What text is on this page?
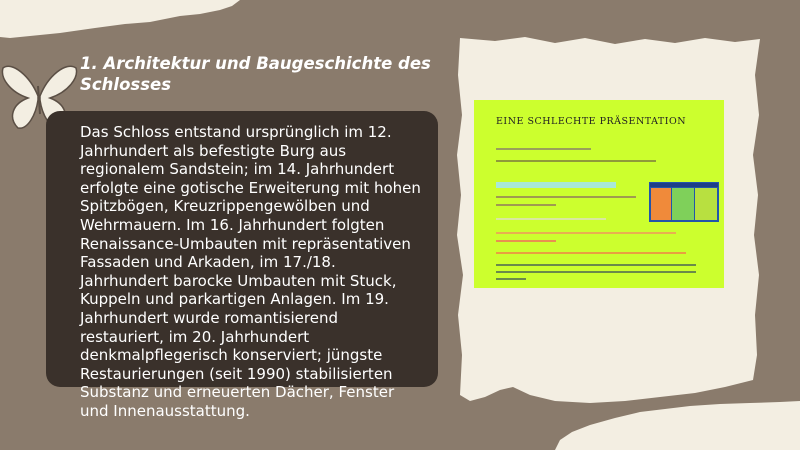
EINE SCHLECHTE PRÄSENTATION

1. Architektur und Baugeschichte des Schlosses

Das Schloss entstand ursprünglich im 12. Jahrhundert als befestigte Burg aus regionalem Sandstein; im 14. Jahrhundert erfolgte eine gotische Erweiterung mit hohen Spitzbögen, Kreuzrippengewölben und Wehrmauern. Im 16. Jahrhundert folgten Renaissance-Umbauten mit repräsentativen Fassaden und Arkaden, im 17./18. Jahrhundert barocke Umbauten mit Stuck, Kuppeln und parkartigen Anlagen. Im 19. Jahrhundert wurde romantisierend restauriert, im 20. Jahrhundert denkmalpflegerisch konserviert; jüngste Restaurierungen (seit 1990) stabilisierten Substanz und erneuerten Dächer, Fenster und Innenausstattung.
